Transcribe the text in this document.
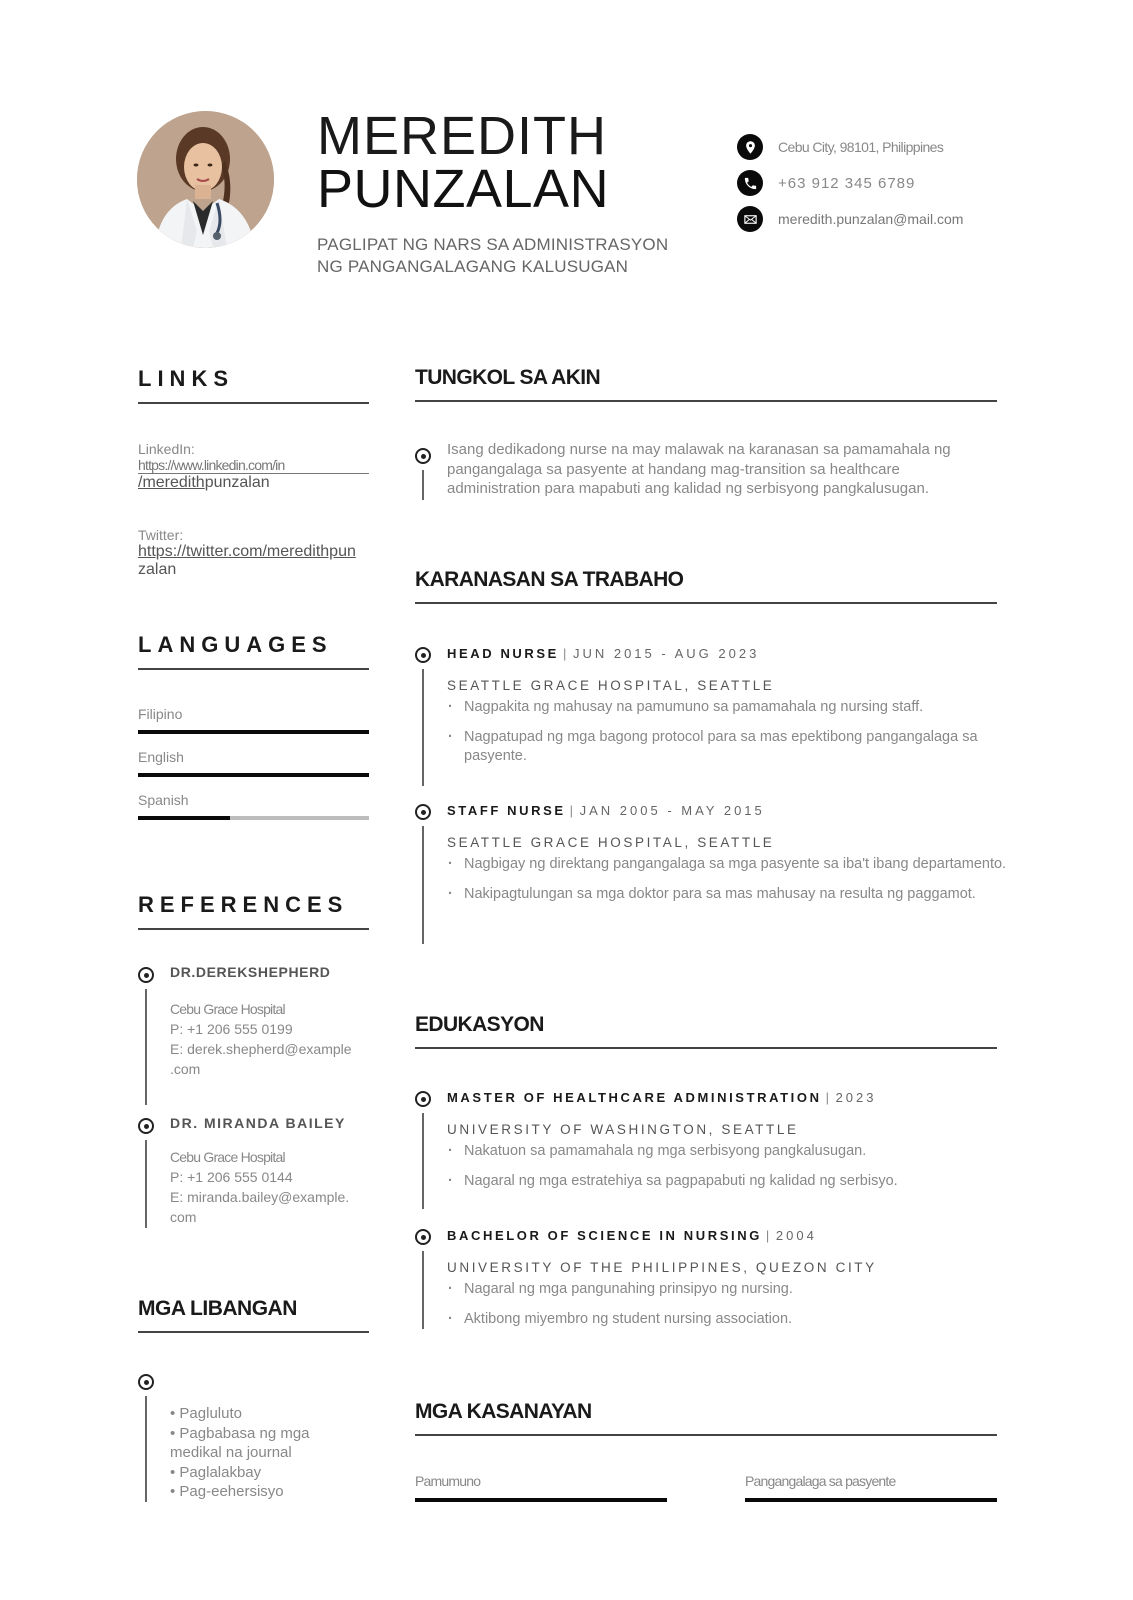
MEREDITH
PUNZALAN
PAGLIPAT NG NARS SA ADMINISTRASYON
NG PANGANGALAGANG KALUSUGAN
Cebu City, 98101, Philippines
+63 912 345 6789
meredith.punzalan@mail.com
LINKS
LinkedIn:
https://www.linkedin.com/in
/meredithpunzalan
Twitter:
https://twitter.com/meredithpun
zalan
LANGUAGES
Filipino
English
Spanish
REFERENCES
DR.DEREKSHEPHERD
Cebu Grace Hospital
P: +1 206 555 0199
E: derek.shepherd@example
.com
DR. MIRANDA BAILEY
Cebu Grace Hospital
P: +1 206 555 0144
E: miranda.bailey@example.
com
MGA LIBANGAN
• Pagluluto
• Pagbabasa ng mga
medikal na journal
• Paglalakbay
• Pag-eehersisyo
TUNGKOL SA AKIN
Isang dedikadong nurse na may malawak na karanasan sa pamamahala ng
pangangalaga sa pasyente at handang mag-transition sa healthcare
administration para mapabuti ang kalidad ng serbisyong pangkalusugan.
KARANASAN SA TRABAHO
HEAD NURSE | JUN 2015 - AUG 2023
SEATTLE GRACE HOSPITAL, SEATTLE
· Nagpakita ng mahusay na pamumuno sa pamamahala ng nursing staff.
· Nagpatupad ng mga bagong protocol para sa mas epektibong pangangalaga sa pasyente.
STAFF NURSE | JAN 2005 - MAY 2015
SEATTLE GRACE HOSPITAL, SEATTLE
· Nagbigay ng direktang pangangalaga sa mga pasyente sa iba't ibang departamento.
· Nakipagtulungan sa mga doktor para sa mas mahusay na resulta ng paggamot.
EDUKASYON
MASTER OF HEALTHCARE ADMINISTRATION | 2023
UNIVERSITY OF WASHINGTON, SEATTLE
· Nakatuon sa pamamahala ng mga serbisyong pangkalusugan.
· Nagaral ng mga estratehiya sa pagpapabuti ng kalidad ng serbisyo.
BACHELOR OF SCIENCE IN NURSING | 2004
UNIVERSITY OF THE PHILIPPINES, QUEZON CITY
· Nagaral ng mga pangunahing prinsipyo ng nursing.
· Aktibong miyembro ng student nursing association.
MGA KASANAYAN
Pamumuno	Pangangalaga sa pasyente
